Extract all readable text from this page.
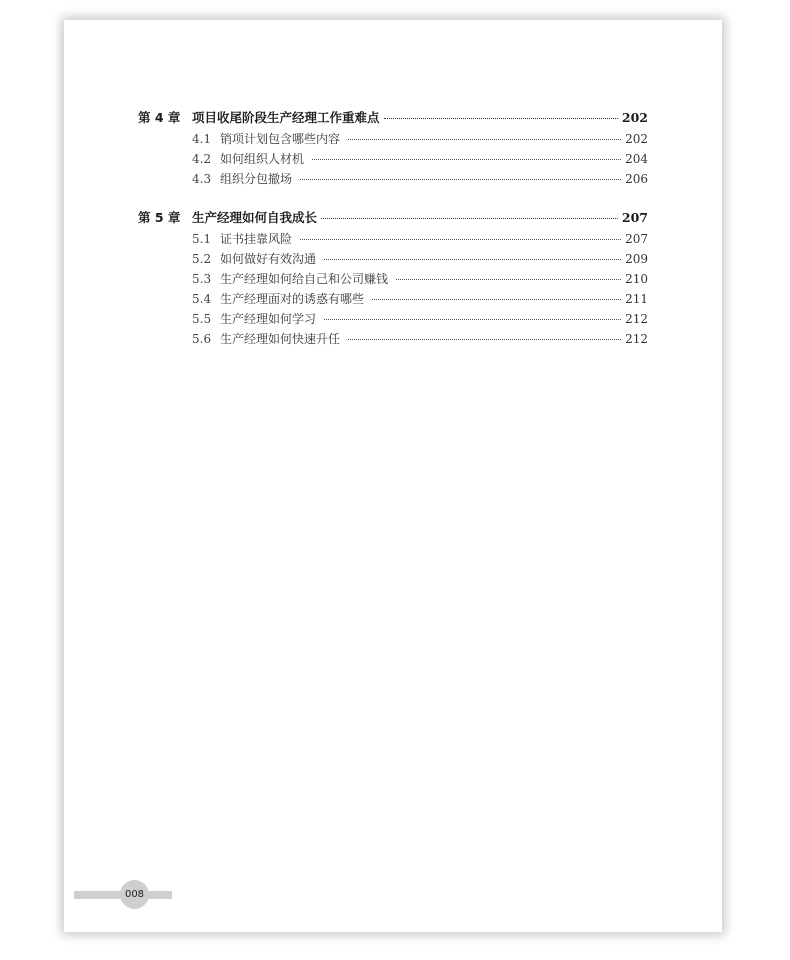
第 4 章 项目收尾阶段生产经理工作重难点	202
4.1 销项计划包含哪些内容	202
4.2 如何组织人材机	204
4.3 组织分包撤场	206
第 5 章 生产经理如何自我成长	207
5.1 证书挂靠风险	207
5.2 如何做好有效沟通	209
5.3 生产经理如何给自己和公司赚钱	210
5.4 生产经理面对的诱惑有哪些	211
5.5 生产经理如何学习	212
5.6 生产经理如何快速升任	212
008
